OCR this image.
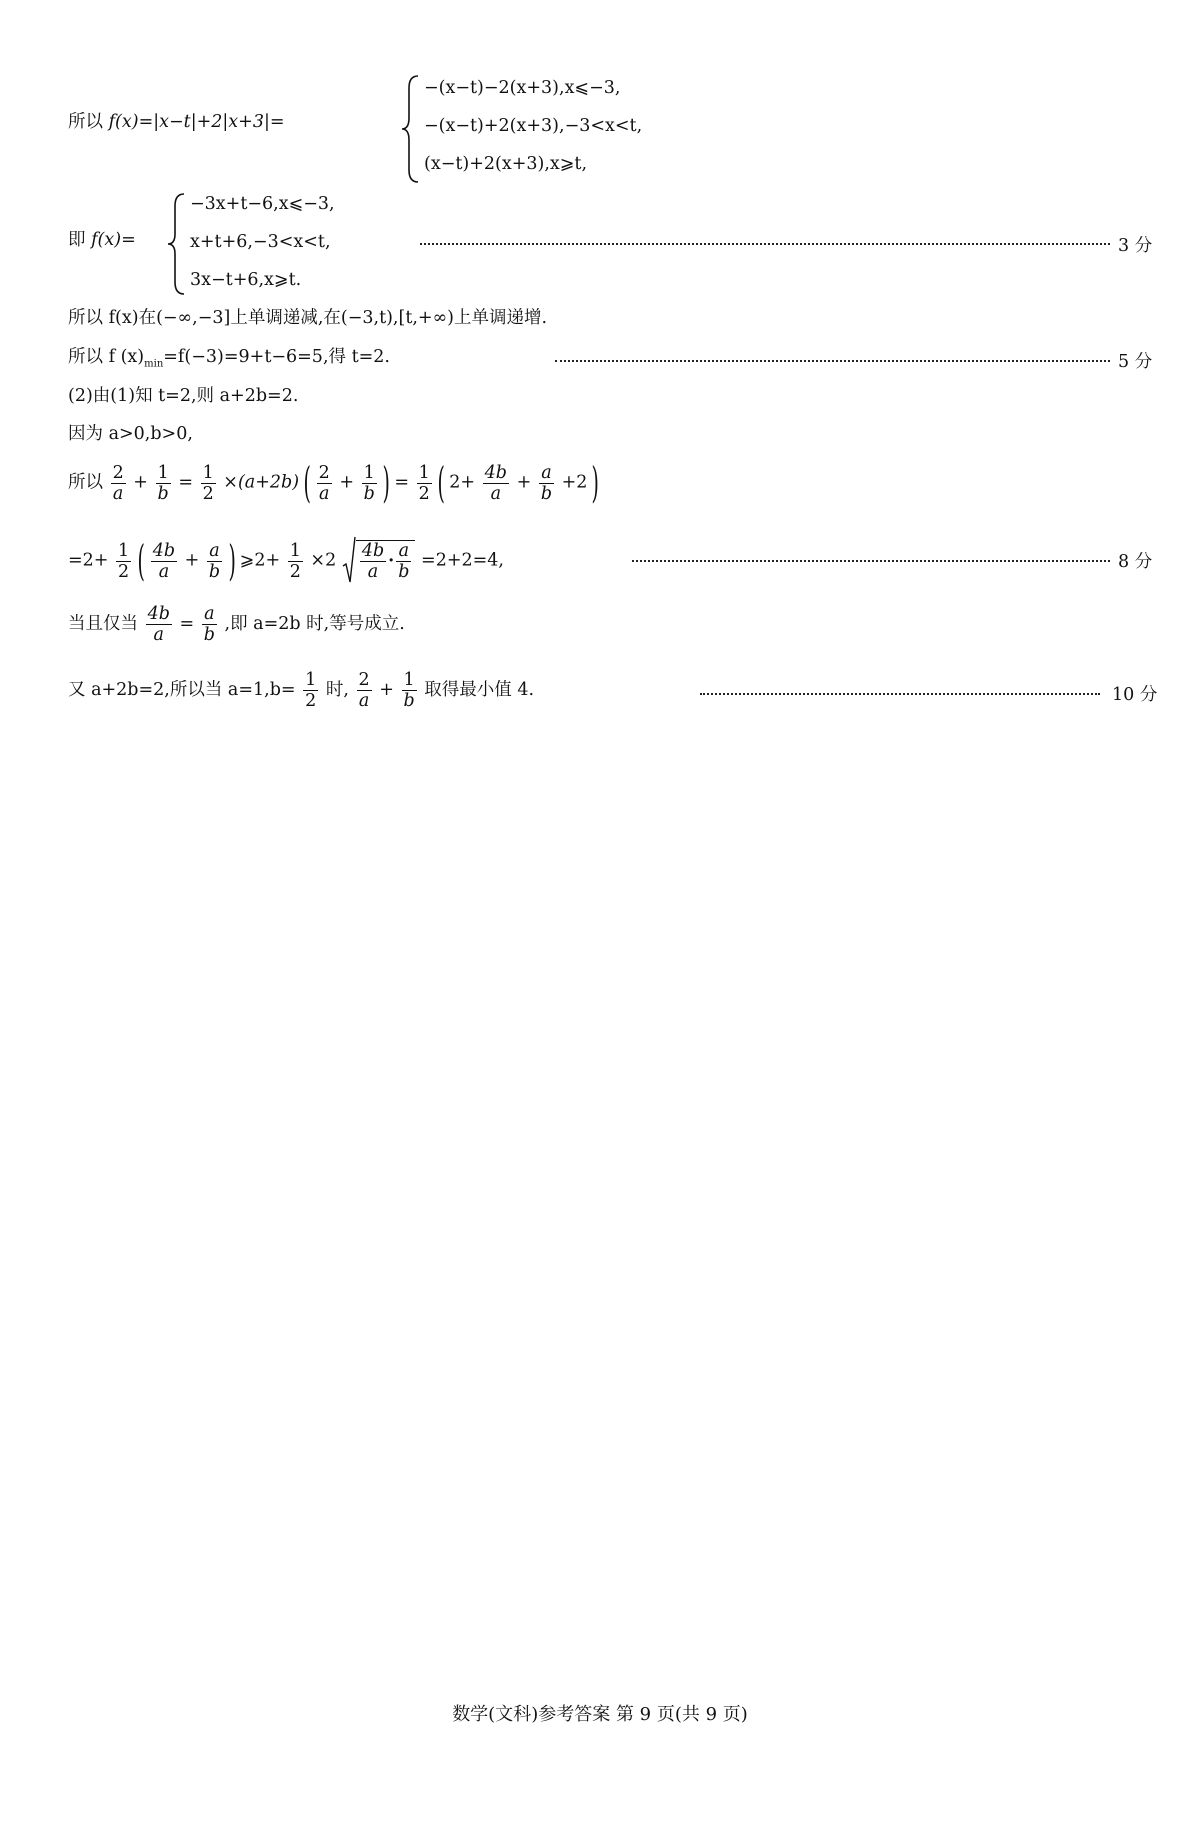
所以 f(x)=|x−t|+2|x+3|=
−(x−t)−2(x+3),x⩽−3,
−(x−t)+2(x+3),−3<x<t,
(x−t)+2(x+3),x⩾t,
即 f(x)=
−3x+t−6,x⩽−3,
x+t+6,−3<x<t,
3x−t+6,x⩾t.
3 分
所以 f(x)在(−∞,−3]上单调递减,在(−3,t),[t,+∞)上单调递增.
所以 f $(x)_{min}=f(-3)=9+t-6=5$,得 t=2.	5 分
(2)由(1)知 t=2,则 a+2b=2.
因为 a>0,b>0,
所以 $\frac{2}{a} + \frac{1}{b} = \frac{1}{2} \times(a+2b)$ ( $\frac{2}{a} + \frac{1}{b}$ ) = $\frac{1}{2}$ ( $2+ \frac{4b}{a} + \frac{a}{b} +2$ )
$=2+ \frac{1}{2}$ ( $\frac{4b}{a} + \frac{a}{b}$ ) ⩾2+ $\frac{1}{2} \times 2 \frac{4b}{a} \cdot \frac{a}{b} =2+2=4$,	8 分
当且仅当 $\frac{4b}{a} = \frac{a}{b}$ ,即 a=2b 时,等号成立.
又 a+2b=2,所以当 $a=1,b= \frac{1}{2}$ 时, $\frac{2}{a} + \frac{1}{b}$ 取得最小值 4.	10 分
数学(文科)参考答案 第 9 页(共 9 页)
